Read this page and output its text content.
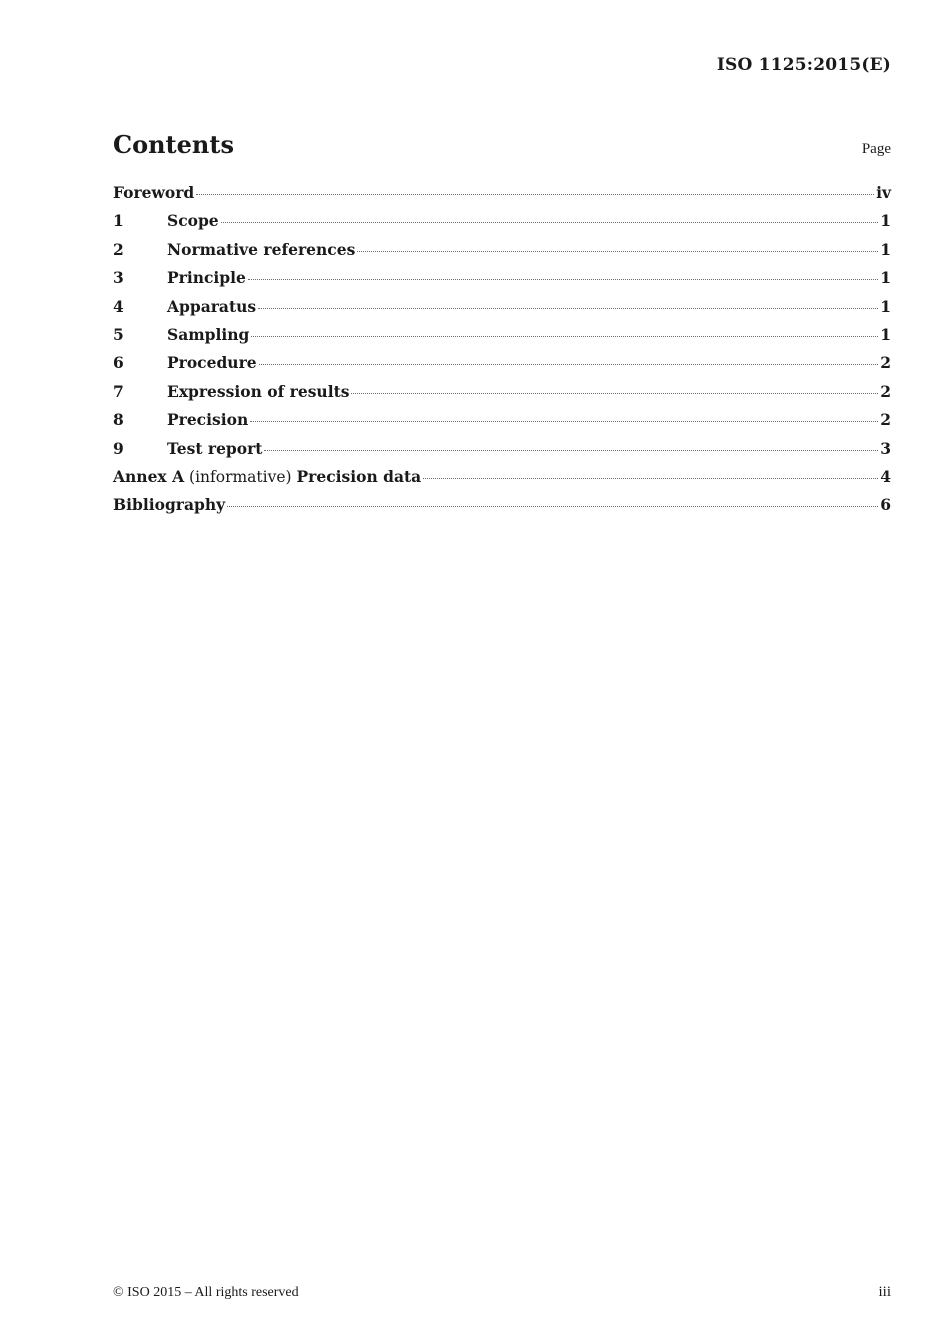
ISO 1125:2015(E)
Contents	Page
Foreword	iv
1	Scope	1
2	Normative references	1
3	Principle	1
4	Apparatus	1
5	Sampling	1
6	Procedure	2
7	Expression of results	2
8	Precision	2
9	Test report	3
Annex A (informative) Precision data	4
Bibliography	6
© ISO 2015 – All rights reserved	iii
